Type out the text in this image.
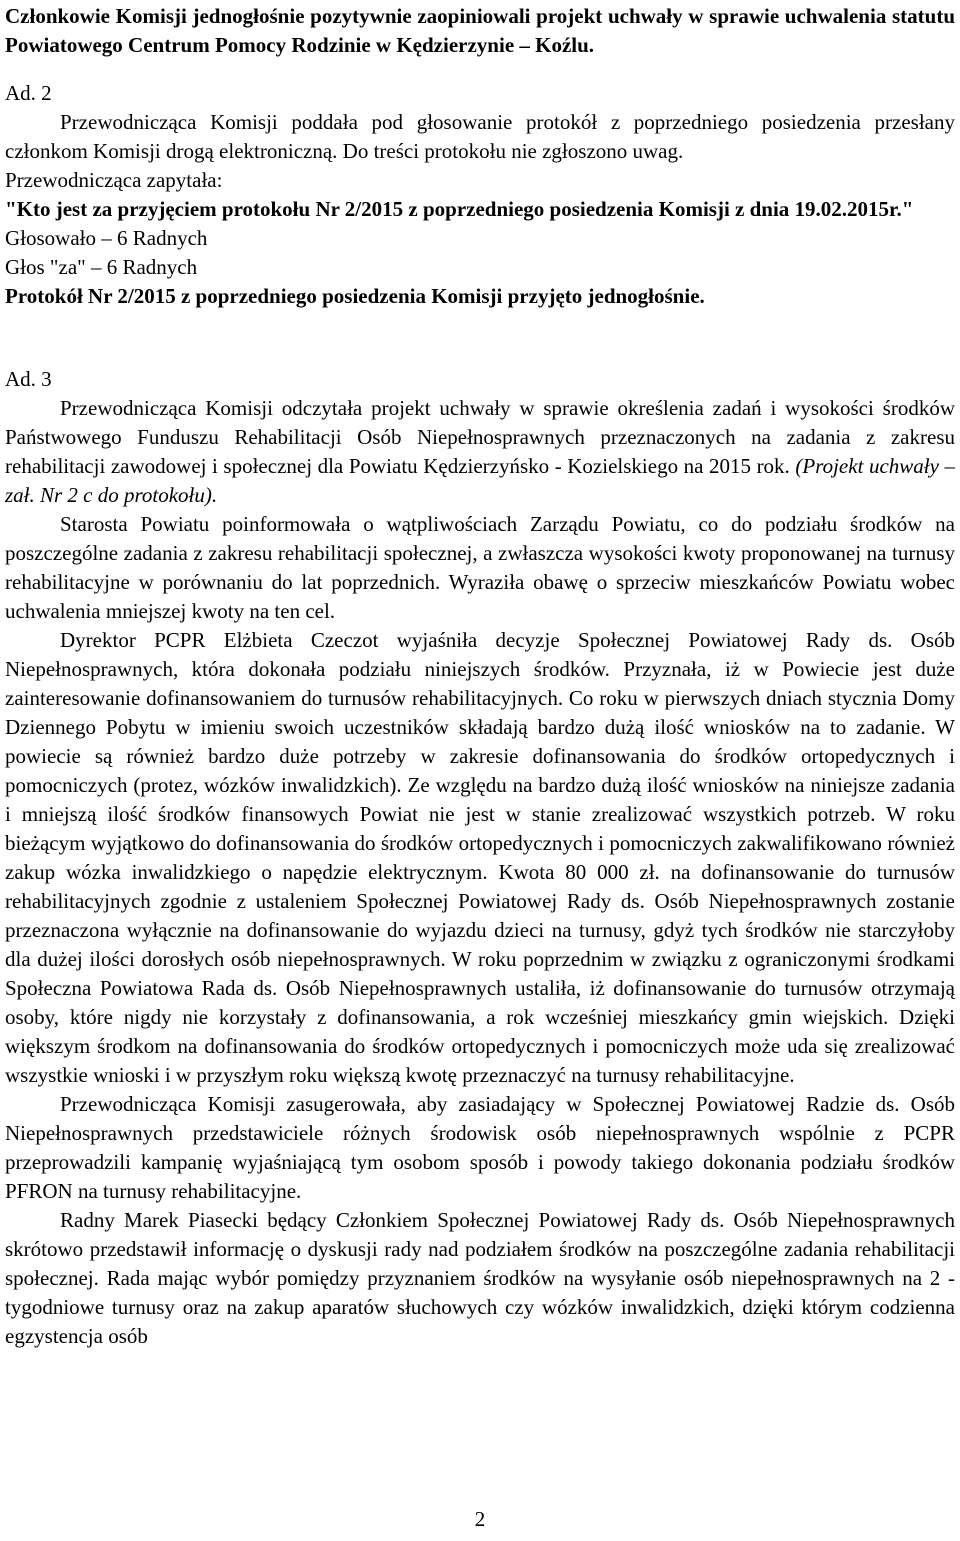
Członkowie Komisji jednogłośnie pozytywnie zaopiniowali projekt uchwały w sprawie uchwalenia statutu Powiatowego Centrum Pomocy Rodzinie w Kędzierzynie – Koźlu.
Ad. 2
Przewodnicząca Komisji poddała pod głosowanie protokół z poprzedniego posiedzenia przesłany członkom Komisji drogą elektroniczną. Do treści protokołu nie zgłoszono uwag.
Przewodnicząca zapytała:
"Kto jest za przyjęciem protokołu Nr 2/2015 z poprzedniego posiedzenia Komisji z dnia 19.02.2015r."
Głosowało – 6 Radnych
Głos "za" – 6 Radnych
Protokół Nr 2/2015 z poprzedniego posiedzenia Komisji przyjęto jednogłośnie.
Ad. 3
Przewodnicząca Komisji odczytała projekt uchwały w sprawie określenia zadań i wysokości środków Państwowego Funduszu Rehabilitacji Osób Niepełnosprawnych przeznaczonych na zadania z zakresu rehabilitacji zawodowej i społecznej dla Powiatu Kędzierzyńsko - Kozielskiego na 2015 rok. (Projekt uchwały – zał. Nr 2 c do protokołu).
Starosta Powiatu poinformowała o wątpliwościach Zarządu Powiatu, co do podziału środków na poszczególne zadania z zakresu rehabilitacji społecznej, a zwłaszcza wysokości kwoty proponowanej na turnusy rehabilitacyjne w porównaniu do lat poprzednich. Wyraziła obawę o sprzeciw mieszkańców Powiatu wobec uchwalenia mniejszej kwoty na ten cel.
Dyrektor PCPR Elżbieta Czeczot wyjaśniła decyzje Społecznej Powiatowej Rady ds. Osób Niepełnosprawnych, która dokonała podziału niniejszych środków. Przyznała, iż w Powiecie jest duże zainteresowanie dofinansowaniem do turnusów rehabilitacyjnych. Co roku w pierwszych dniach stycznia Domy Dziennego Pobytu w imieniu swoich uczestników składają bardzo dużą ilość wniosków na to zadanie. W powiecie są również bardzo duże potrzeby w zakresie dofinansowania do środków ortopedycznych i pomocniczych (protez, wózków inwalidzkich). Ze względu na bardzo dużą ilość wniosków na niniejsze zadania i mniejszą ilość środków finansowych Powiat nie jest w stanie zrealizować wszystkich potrzeb. W roku bieżącym wyjątkowo do dofinansowania do środków ortopedycznych i pomocniczych zakwalifikowano również zakup wózka inwalidzkiego o napędzie elektrycznym. Kwota 80 000 zł. na dofinansowanie do turnusów rehabilitacyjnych zgodnie z ustaleniem Społecznej Powiatowej Rady ds. Osób Niepełnosprawnych zostanie przeznaczona wyłącznie na dofinansowanie do wyjazdu dzieci na turnusy, gdyż tych środków nie starczyłoby dla dużej ilości dorosłych osób niepełnosprawnych. W roku poprzednim w związku z ograniczonymi środkami Społeczna Powiatowa Rada ds. Osób Niepełnosprawnych ustaliła, iż dofinansowanie do turnusów otrzymają osoby, które nigdy nie korzystały z dofinansowania, a rok wcześniej mieszkańcy gmin wiejskich. Dzięki większym środkom na dofinansowania do środków ortopedycznych i pomocniczych może uda się zrealizować wszystkie wnioski i w przyszłym roku większą kwotę przeznaczyć na turnusy rehabilitacyjne.
Przewodnicząca Komisji zasugerowała, aby zasiadający w Społecznej Powiatowej Radzie ds. Osób Niepełnosprawnych przedstawiciele różnych środowisk osób niepełnosprawnych wspólnie z PCPR przeprowadzili kampanię wyjaśniającą tym osobom sposób i powody takiego dokonania podziału środków PFRON na turnusy rehabilitacyjne.
Radny Marek Piasecki będący Członkiem Społecznej Powiatowej Rady ds. Osób Niepełnosprawnych skrótowo przedstawił informację o dyskusji rady nad podziałem środków na poszczególne zadania rehabilitacji społecznej. Rada mając wybór pomiędzy przyznaniem środków na wysyłanie osób niepełnosprawnych na 2 - tygodniowe turnusy oraz na zakup aparatów słuchowych czy wózków inwalidzkich, dzięki którym codzienna egzystencja osób
2
